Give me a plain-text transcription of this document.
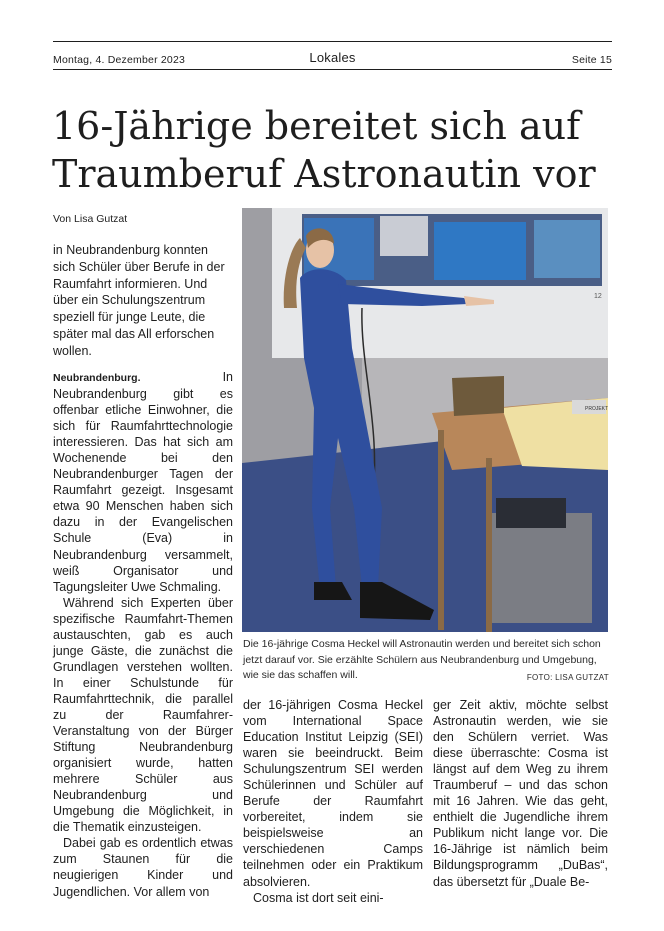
Montag, 4. Dezember 2023	Lokales	Seite 15
16-Jährige bereitet sich auf
Traumberuf Astronautin vor
Von Lisa Gutzat
in Neubrandenburg konnten sich Schüler über Berufe in der Raumfahrt informieren. Und über ein Schulungszentrum speziell für junge Leute, die später mal das All erforschen wollen.

Neubrandenburg.	In Neubrandenburg gibt es offenbar etliche Einwohner, die sich für Raumfahrttechnologie interessieren. Das hat sich am Wochenende bei den Neubrandenburger Tagen der Raumfahrt gezeigt. Insgesamt etwa 90 Menschen haben sich dazu in der Evangelischen Schule (Eva) in Neubrandenburg versammelt, weiß Organisator und Tagungsleiter Uwe Schmaling.

Während sich Experten über spezifische Raumfahrt-Themen austauschten, gab es auch junge Gäste, die zunächst die Grundlagen verstehen wollten. In einer Schulstunde für Raumfahrttechnik, die parallel zu der Raumfahrer-Veranstaltung von der Bürger Stiftung Neubrandenburg organisiert wurde, hatten mehrere Schüler aus Neubrandenburg und Umgebung die Möglichkeit, in die Thematik einzusteigen.

Dabei gab es ordentlich etwas zum Staunen für die neugierigen Kinder und Jugendlichen. Vor allem von

12
PROJEKT
Die 16-jährige Cosma Heckel will Astronautin werden und bereitet sich schon jetzt darauf vor. Sie erzählte Schülern aus Neubrandenburg und Umgebung, wie sie das schaffen will.	FOTO: LISA GUTZAT

der 16-jährigen Cosma Heckel vom International Space Education Institut Leipzig (SEI) waren sie beeindruckt. Beim Schulungszentrum SEI werden Schülerinnen und Schüler auf Berufe der Raumfahrt vorbereitet, indem sie beispielsweise an verschiedenen Camps teilnehmen oder ein Praktikum absolvieren.

Cosma ist dort seit eini-

ger Zeit aktiv, möchte selbst Astronautin werden, wie sie den Schülern verriet. Was diese überraschte: Cosma ist längst auf dem Weg zu ihrem Traumberuf – und das schon mit 16 Jahren. Wie das geht, enthielt die Jugendliche ihrem Publikum nicht lange vor. Die 16-Jährige ist nämlich beim Bildungsprogramm „DuBas“, das übersetzt für „Duale Be-
